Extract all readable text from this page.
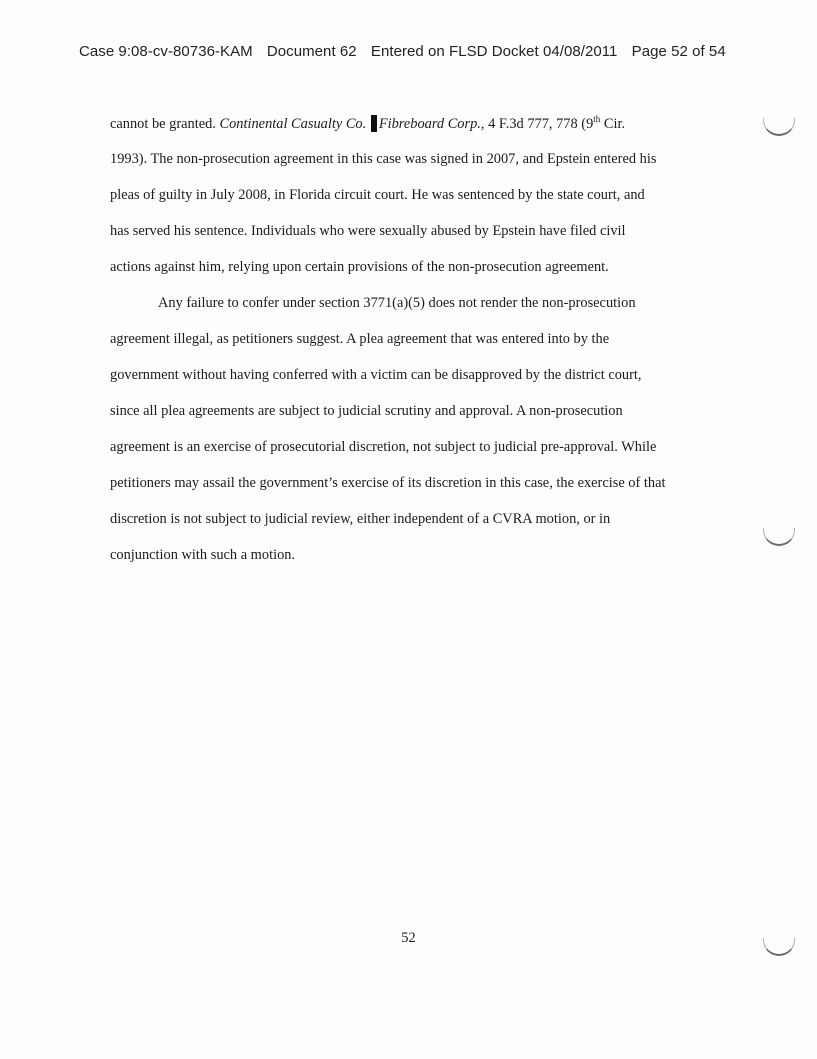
Case 9:08-cv-80736-KAM Document 62 Entered on FLSD Docket 04/08/2011 Page 52 of 54
cannot be granted. Continental Casualty Co. Fibreboard Corp., 4 F.3d 777, 778 (9th Cir.
1993). The non-prosecution agreement in this case was signed in 2007, and Epstein entered his
pleas of guilty in July 2008, in Florida circuit court. He was sentenced by the state court, and
has served his sentence. Individuals who were sexually abused by Epstein have filed civil
actions against him, relying upon certain provisions of the non-prosecution agreement.
Any failure to confer under section 3771(a)(5) does not render the non-prosecution
agreement illegal, as petitioners suggest. A plea agreement that was entered into by the
government without having conferred with a victim can be disapproved by the district court,
since all plea agreements are subject to judicial scrutiny and approval. A non-prosecution
agreement is an exercise of prosecutorial discretion, not subject to judicial pre-approval. While
petitioners may assail the government’s exercise of its discretion in this case, the exercise of that
discretion is not subject to judicial review, either independent of a CVRA motion, or in
conjunction with such a motion.
52
